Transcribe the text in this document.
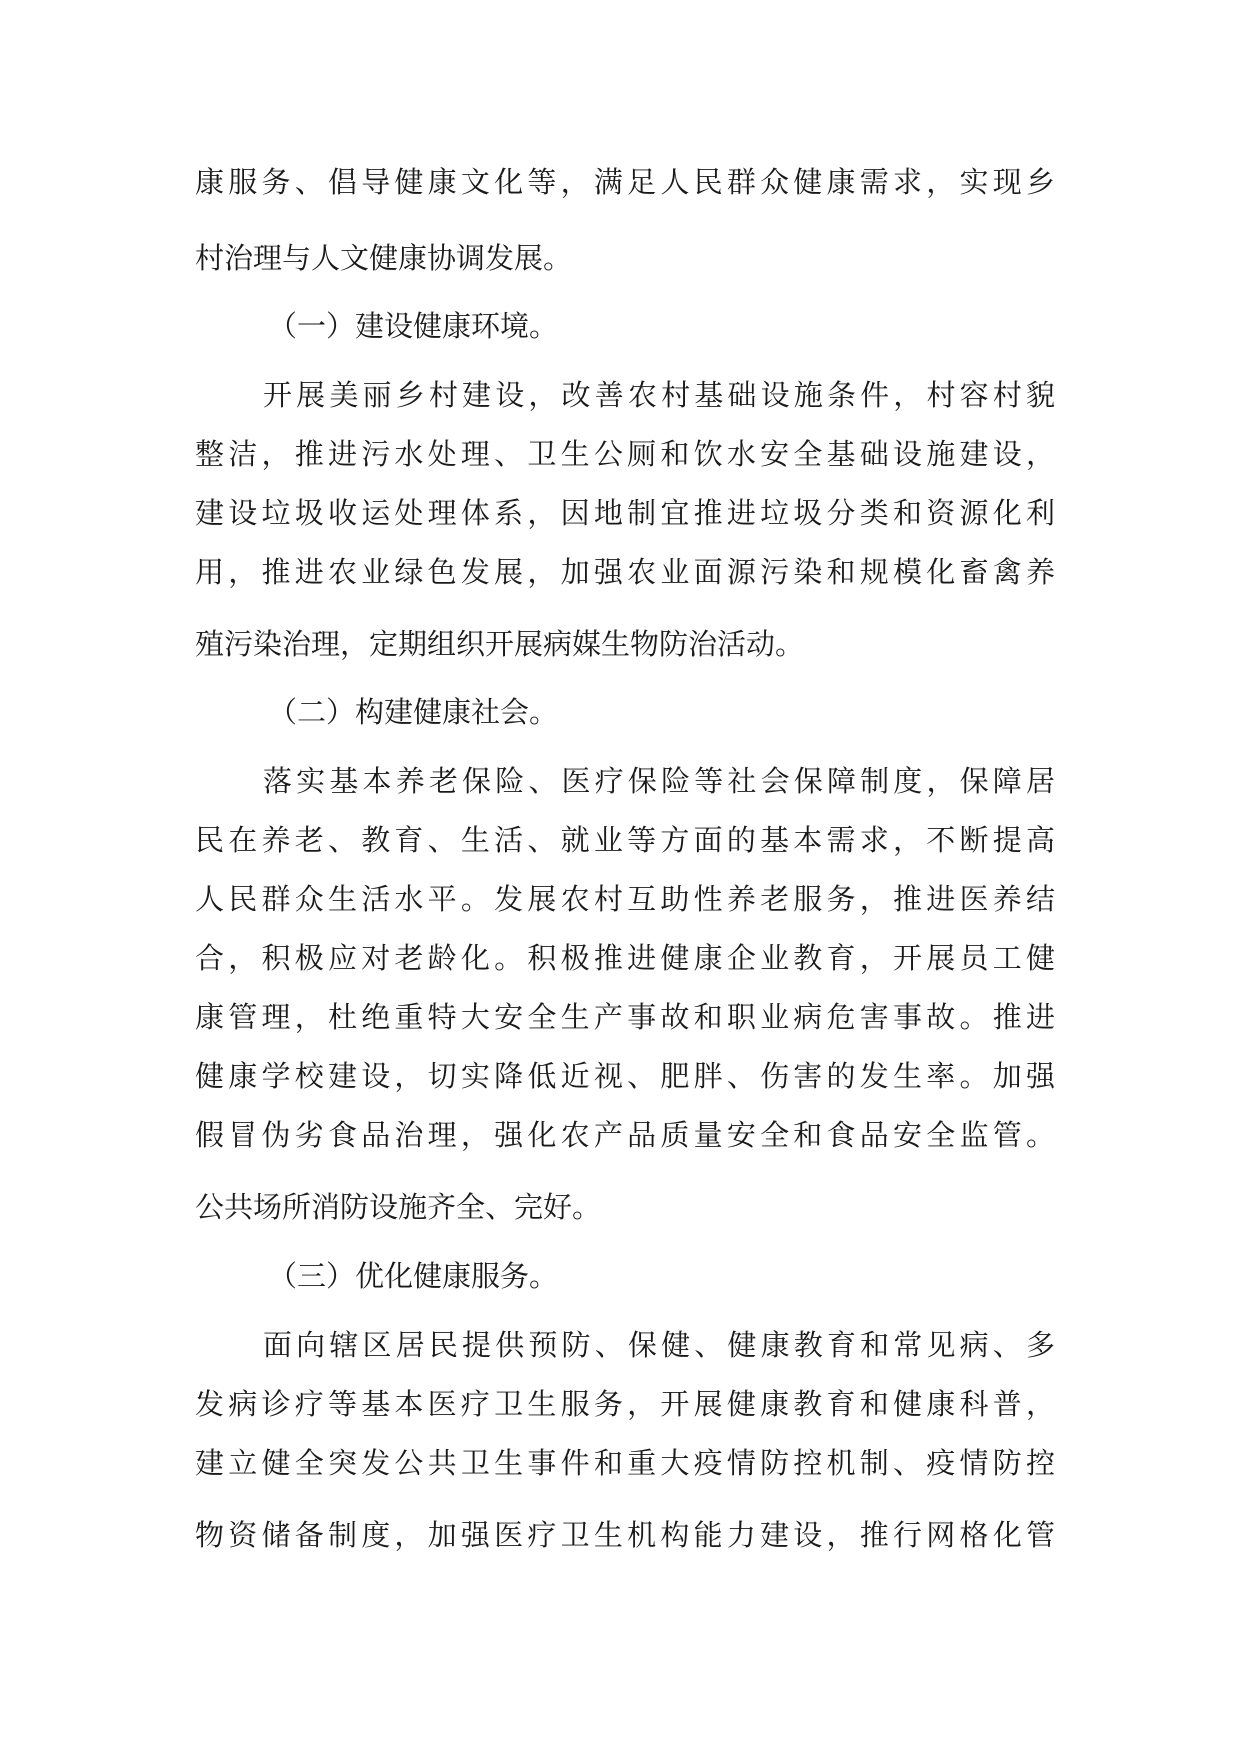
康服务、倡导健康文化等，满足人民群众健康需求，实现乡
村治理与人文健康协调发展。
（一）建设健康环境。
开展美丽乡村建设，改善农村基础设施条件，村容村貌
整洁，推进污水处理、卫生公厕和饮水安全基础设施建设，
建设垃圾收运处理体系，因地制宜推进垃圾分类和资源化利
用，推进农业绿色发展，加强农业面源污染和规模化畜禽养
殖污染治理，定期组织开展病媒生物防治活动。
（二）构建健康社会。
落实基本养老保险、医疗保险等社会保障制度，保障居
民在养老、教育、生活、就业等方面的基本需求，不断提高
人民群众生活水平。发展农村互助性养老服务，推进医养结
合，积极应对老龄化。积极推进健康企业教育，开展员工健
康管理，杜绝重特大安全生产事故和职业病危害事故。推进
健康学校建设，切实降低近视、肥胖、伤害的发生率。加强
假冒伪劣食品治理，强化农产品质量安全和食品安全监管。
公共场所消防设施齐全、完好。
（三）优化健康服务。
面向辖区居民提供预防、保健、健康教育和常见病、多
发病诊疗等基本医疗卫生服务，开展健康教育和健康科普，
建立健全突发公共卫生事件和重大疫情防控机制、疫情防控
物资储备制度，加强医疗卫生机构能力建设，推行网格化管
